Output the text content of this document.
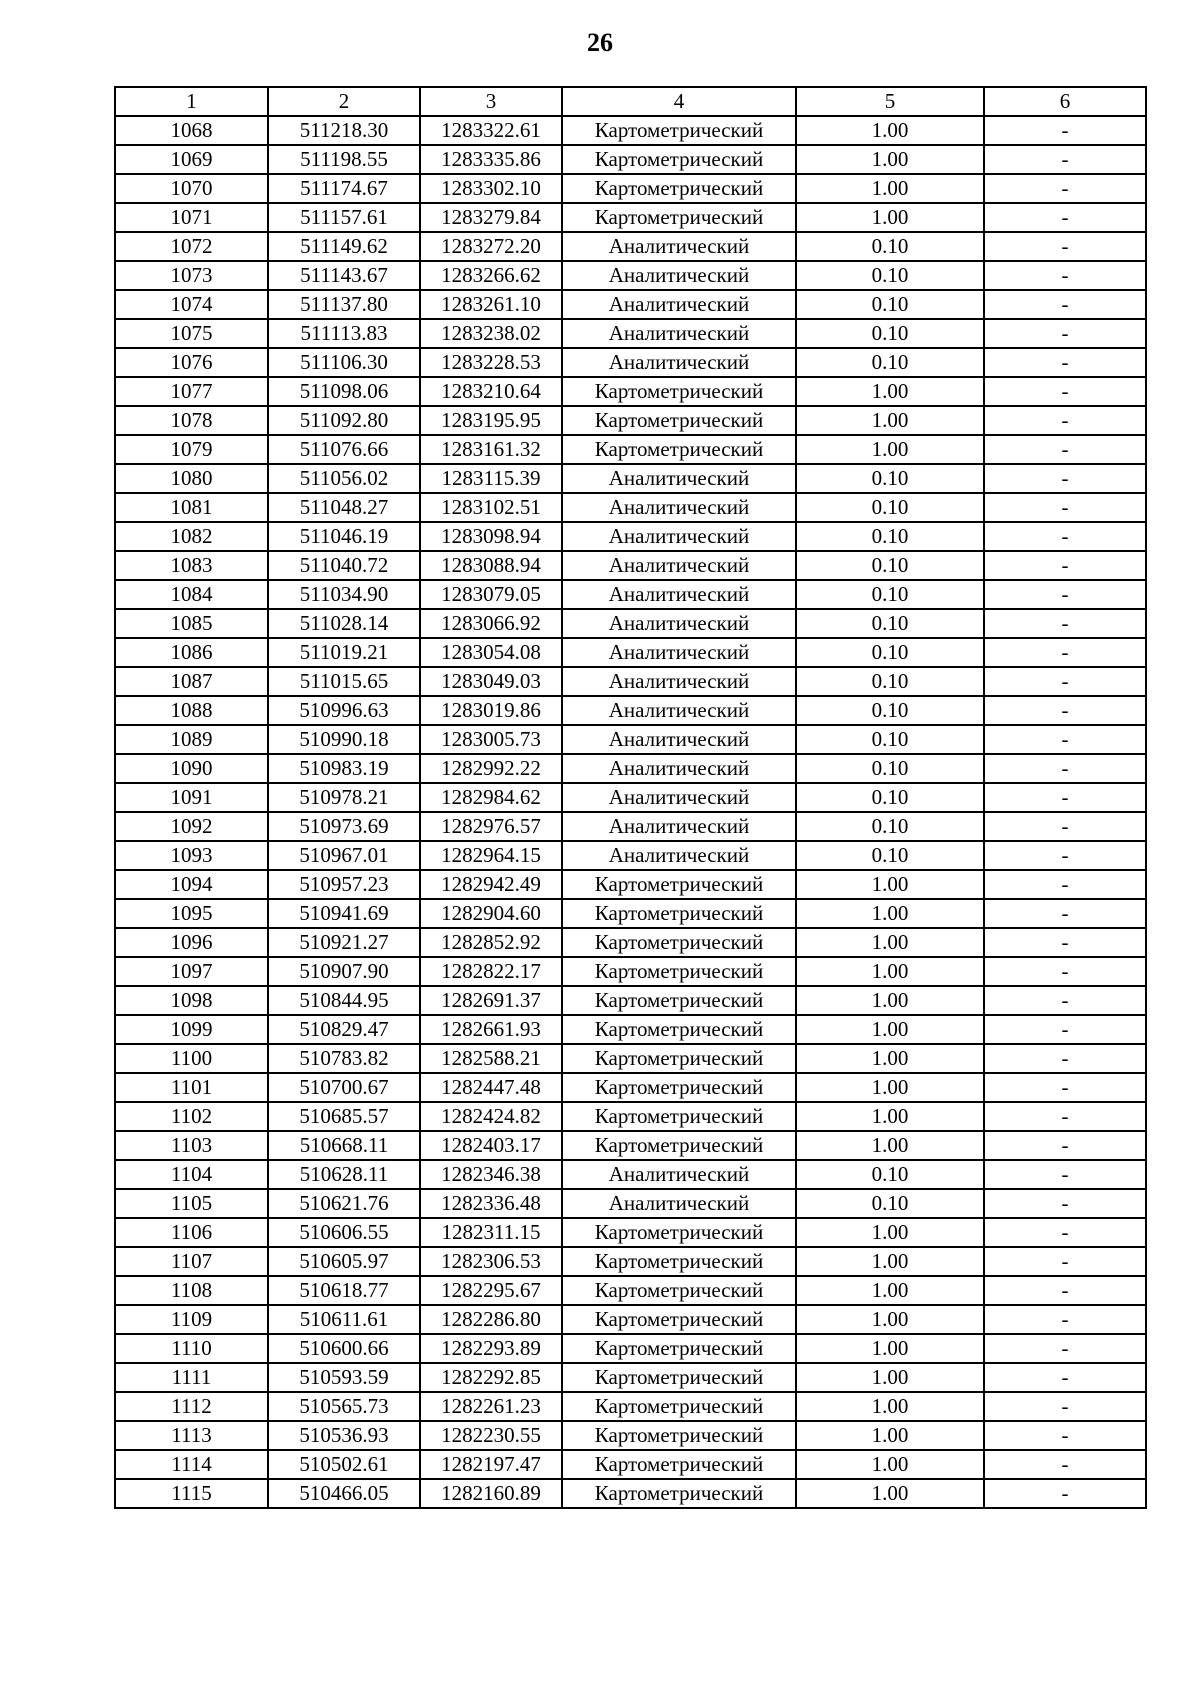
26
1	2	3	4	5	6
1068	511218.30	1283322.61	Картометрический	1.00	-
1069	511198.55	1283335.86	Картометрический	1.00	-
1070	511174.67	1283302.10	Картометрический	1.00	-
1071	511157.61	1283279.84	Картометрический	1.00	-
1072	511149.62	1283272.20	Аналитический	0.10	-
1073	511143.67	1283266.62	Аналитический	0.10	-
1074	511137.80	1283261.10	Аналитический	0.10	-
1075	511113.83	1283238.02	Аналитический	0.10	-
1076	511106.30	1283228.53	Аналитический	0.10	-
1077	511098.06	1283210.64	Картометрический	1.00	-
1078	511092.80	1283195.95	Картометрический	1.00	-
1079	511076.66	1283161.32	Картометрический	1.00	-
1080	511056.02	1283115.39	Аналитический	0.10	-
1081	511048.27	1283102.51	Аналитический	0.10	-
1082	511046.19	1283098.94	Аналитический	0.10	-
1083	511040.72	1283088.94	Аналитический	0.10	-
1084	511034.90	1283079.05	Аналитический	0.10	-
1085	511028.14	1283066.92	Аналитический	0.10	-
1086	511019.21	1283054.08	Аналитический	0.10	-
1087	511015.65	1283049.03	Аналитический	0.10	-
1088	510996.63	1283019.86	Аналитический	0.10	-
1089	510990.18	1283005.73	Аналитический	0.10	-
1090	510983.19	1282992.22	Аналитический	0.10	-
1091	510978.21	1282984.62	Аналитический	0.10	-
1092	510973.69	1282976.57	Аналитический	0.10	-
1093	510967.01	1282964.15	Аналитический	0.10	-
1094	510957.23	1282942.49	Картометрический	1.00	-
1095	510941.69	1282904.60	Картометрический	1.00	-
1096	510921.27	1282852.92	Картометрический	1.00	-
1097	510907.90	1282822.17	Картометрический	1.00	-
1098	510844.95	1282691.37	Картометрический	1.00	-
1099	510829.47	1282661.93	Картометрический	1.00	-
1100	510783.82	1282588.21	Картометрический	1.00	-
1101	510700.67	1282447.48	Картометрический	1.00	-
1102	510685.57	1282424.82	Картометрический	1.00	-
1103	510668.11	1282403.17	Картометрический	1.00	-
1104	510628.11	1282346.38	Аналитический	0.10	-
1105	510621.76	1282336.48	Аналитический	0.10	-
1106	510606.55	1282311.15	Картометрический	1.00	-
1107	510605.97	1282306.53	Картометрический	1.00	-
1108	510618.77	1282295.67	Картометрический	1.00	-
1109	510611.61	1282286.80	Картометрический	1.00	-
1110	510600.66	1282293.89	Картометрический	1.00	-
1111	510593.59	1282292.85	Картометрический	1.00	-
1112	510565.73	1282261.23	Картометрический	1.00	-
1113	510536.93	1282230.55	Картометрический	1.00	-
1114	510502.61	1282197.47	Картометрический	1.00	-
1115	510466.05	1282160.89	Картометрический	1.00	-
